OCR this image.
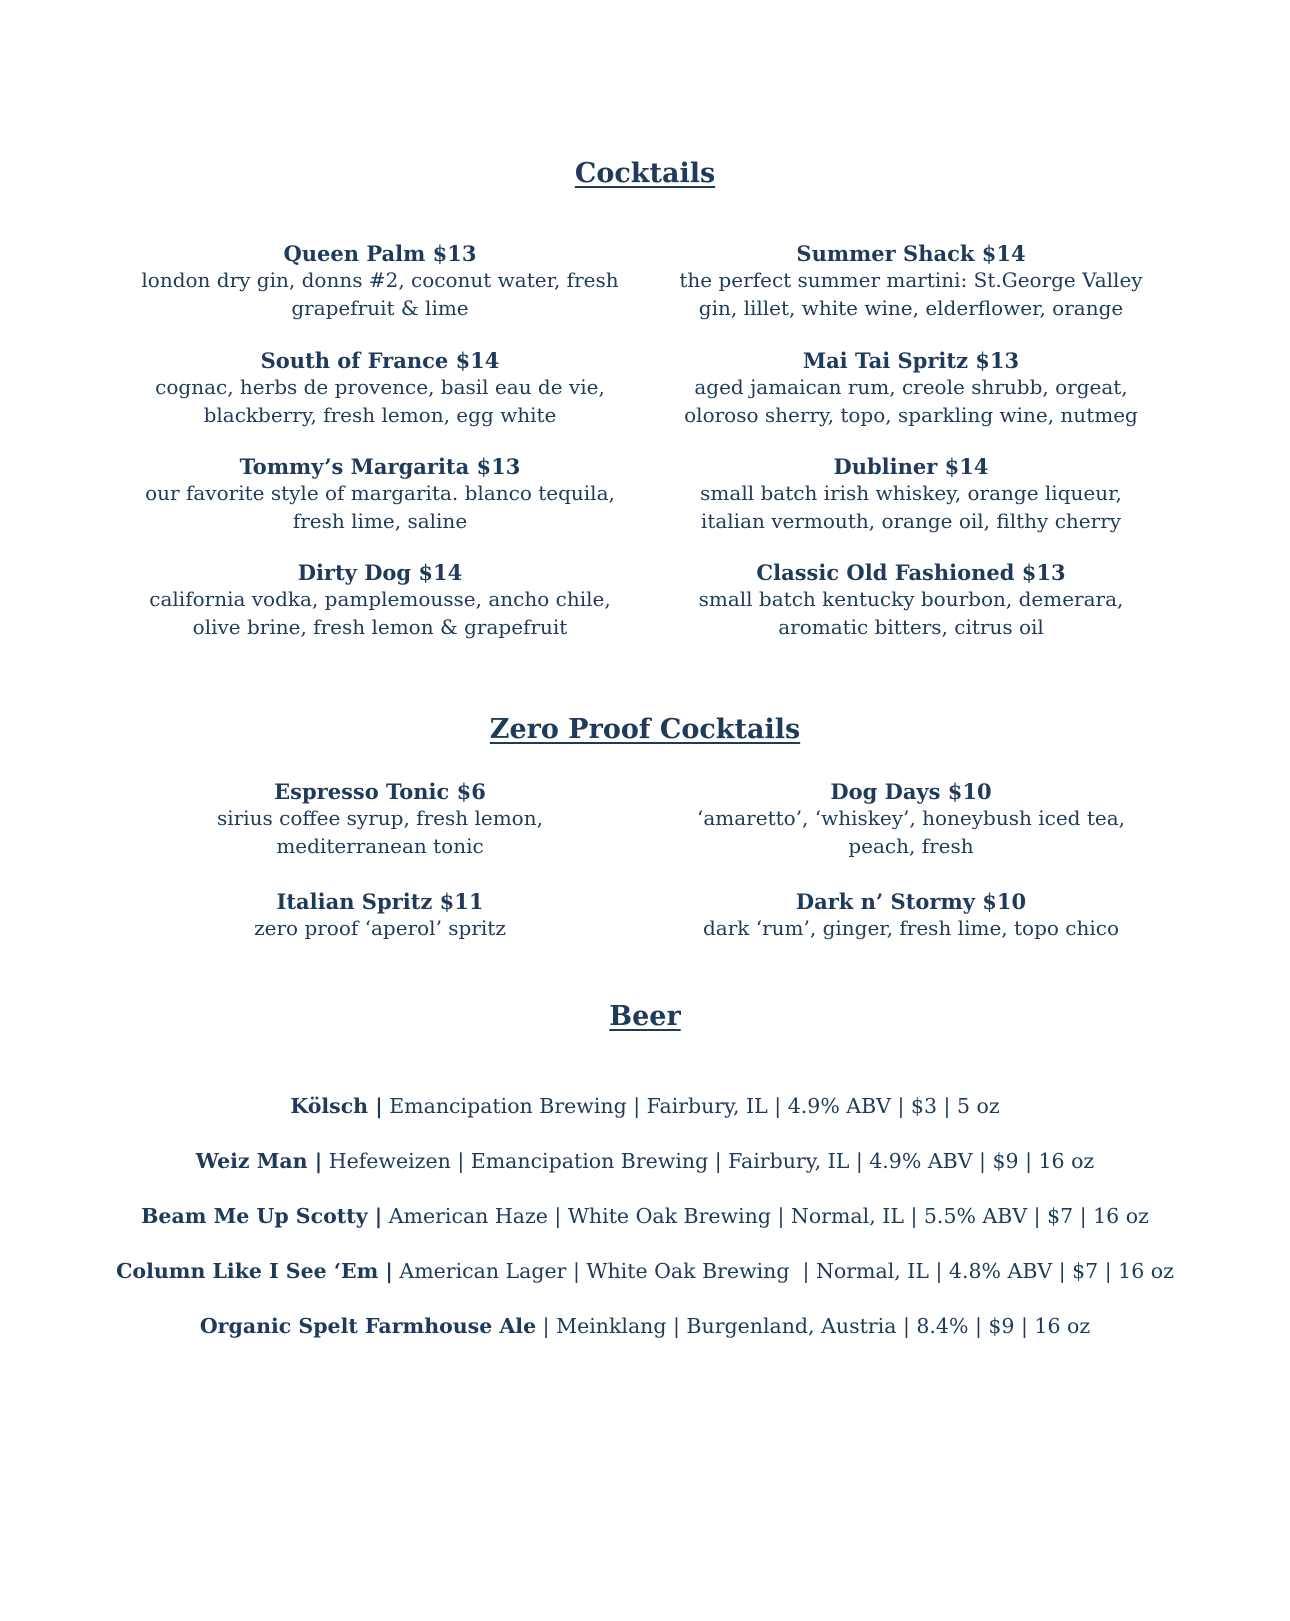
Cocktails
Queen Palm $13
london dry gin, donns #2, coconut water, fresh grapefruit & lime
South of France $14
cognac, herbs de provence, basil eau de vie, blackberry, fresh lemon, egg white
Tommy’s Margarita $13
our favorite style of margarita. blanco tequila, fresh lime, saline
Dirty Dog $14
california vodka, pamplemousse, ancho chile, olive brine, fresh lemon & grapefruit
Summer Shack $14
the perfect summer martini: St.George Valley gin, lillet, white wine, elderflower, orange
Mai Tai Spritz $13
aged jamaican rum, creole shrubb, orgeat, oloroso sherry, topo, sparkling wine, nutmeg
Dubliner $14
small batch irish whiskey, orange liqueur, italian vermouth, orange oil, filthy cherry
Classic Old Fashioned $13
small batch kentucky bourbon, demerara, aromatic bitters, citrus oil
Zero Proof Cocktails
Espresso Tonic $6
sirius coffee syrup, fresh lemon, mediterranean tonic
Italian Spritz $11
zero proof ‘aperol’ spritz
Dog Days $10
‘amaretto’, ‘whiskey’, honeybush iced tea, peach, fresh
Dark n’ Stormy $10
dark ‘rum’, ginger, fresh lime, topo chico
Beer
Kölsch | Emancipation Brewing | Fairbury, IL | 4.9% ABV | $3 | 5 oz
Weiz Man | Hefeweizen | Emancipation Brewing | Fairbury, IL | 4.9% ABV | $9 | 16 oz
Beam Me Up Scotty | American Haze | White Oak Brewing | Normal, IL | 5.5% ABV | $7 | 16 oz
Column Like I See ‘Em | American Lager | White Oak Brewing  | Normal, IL | 4.8% ABV | $7 | 16 oz
Organic Spelt Farmhouse Ale | Meinklang | Burgenland, Austria | 8.4% | $9 | 16 oz
